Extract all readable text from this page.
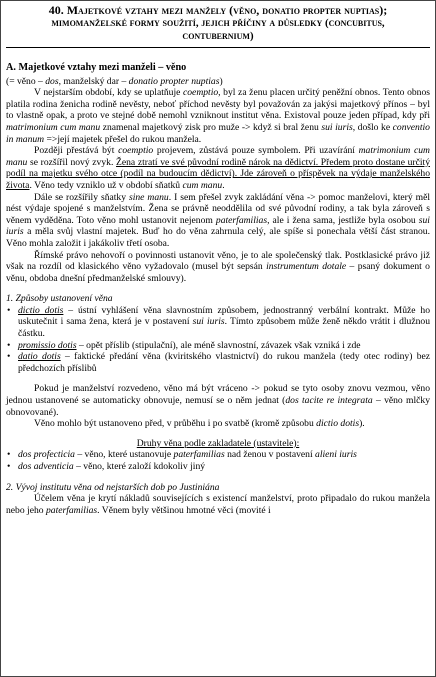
40. Majetkové vztahy mezi manžely (věno, donatio propter nuptias);
mimomanželské formy soužití, jejich příčiny a důsledky (concubitus,
contubernium)
A. Majetkové vztahy mezi manželi – věno

(= věno – dos, manželský dar – donatio propter nuptias)

V nejstarším období, kdy se uplatňuje coemptio, byl za ženu placen určitý peněžní obnos. Tento obnos platila rodina ženicha rodině nevěsty, neboť příchod nevěsty byl považován za jakýsi majetkový přínos – byl to vlastně opak, a proto ve stejné době nemohl vzniknout institut věna. Existoval pouze jeden případ, kdy při matrimonium cum manu znamenal majetkový zisk pro muže -> když si bral ženu sui iuris, došlo ke conventio in manum =>její majetek přešel do rukou manžela.

Později přestává být coemptio projevem, zůstává pouze symbolem. Při uzavírání matrimonium cum manu se rozšířil nový zvyk. Žena ztratí ve své původní rodině nárok na dědictví. Předem proto dostane určitý podíl na majetku svého otce (podíl na budoucím dědictví). Jde zároveň o příspěvek na výdaje manželského života. Věno tedy vzniklo už v období sňatků cum manu.

Dále se rozšířily sňatky sine manu. I sem přešel zvyk zakládání věna -> pomoc manželovi, který měl nést výdaje spojené s manželstvím. Žena se právně neoddělila od své původní rodiny, a tak byla zároveň s věnem vyděděna. Toto věno mohl ustanovit nejenom paterfamilias, ale i žena sama, jestliže byla osobou sui iuris a měla svůj vlastní majetek. Buď ho do věna zahrnula celý, ale spíše si ponechala větší část stranou. Věno mohla založit i jakákoliv třetí osoba.

Římské právo nehovoří o povinnosti ustanovit věno, je to ale společenský tlak. Postklasické právo již však na rozdíl od klasického věno vyžadovalo (musel být sepsán instrumentum dotale – psaný dokument o věnu, obdoba dnešní předmanželské smlouvy).

1. Způsoby ustanovení věna

• dictio dotis – ústní vyhlášení věna slavnostním způsobem, jednostranný verbální kontrakt. Může ho uskutečnit i sama žena, která je v postavení sui iuris. Tímto způsobem může ženě někdo vrátit i dlužnou částku.
• promissio dotis – opět příslib (stipulační), ale méně slavnostní, závazek však vzniká i zde
• datio dotis – faktické předání věna (kviritského vlastnictví) do rukou manžela (tedy otec rodiny) bez předchozích příslibů

Pokud je manželství rozvedeno, věno má být vráceno -> pokud se tyto osoby znovu vezmou, věno jednou ustanovené se automaticky obnovuje, nemusí se o něm jednat (dos tacite re integrata – věno mlčky obnovované).

Věno mohlo být ustanoveno před, v průběhu i po svatbě (kromě způsobu dictio dotis).

Druhy věna podle zakladatele (ustavitele):

• dos profecticia – věno, které ustanovuje paterfamilias nad ženou v postavení alieni iuris
• dos adventicia – věno, které založí kdokoliv jiný

2. Vývoj institutu věna od nejstarších dob po Justiniána

Účelem věna je krytí nákladů souvisejících s existencí manželství, proto připadalo do rukou manžela nebo jeho paterfamilias. Věnem byly většinou hmotné věci (movité i
